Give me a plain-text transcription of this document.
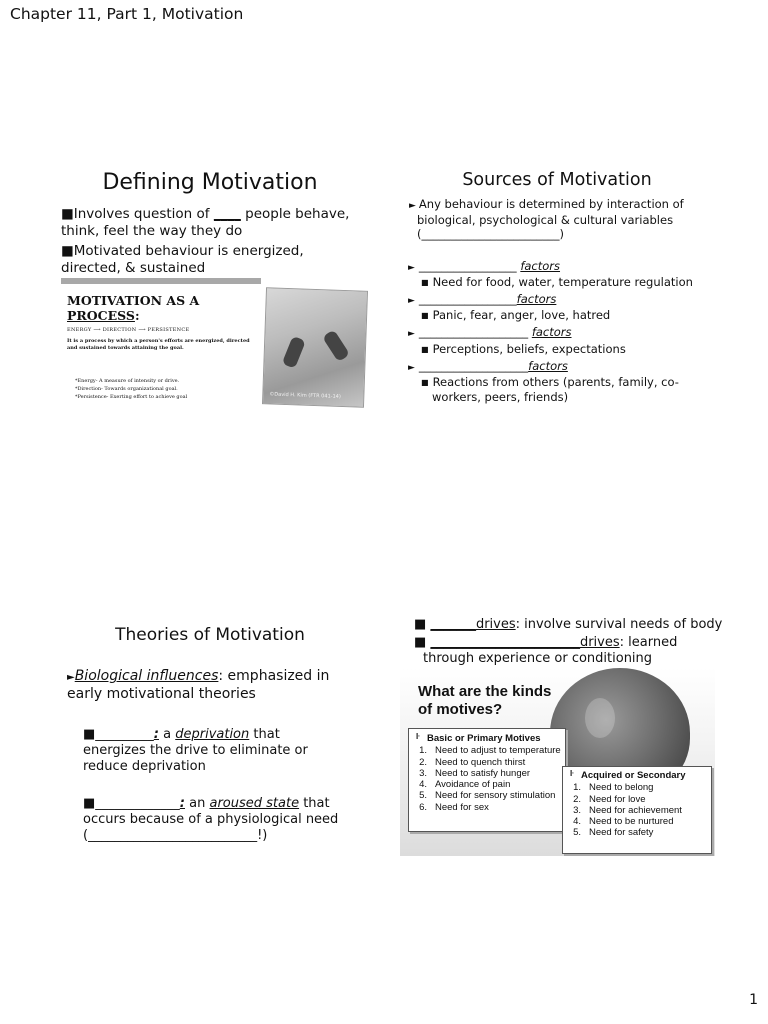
Chapter 11, Part 1, Motivation
1
Defining Motivation
■Involves question of ____ people behave, think, feel the way they do
■Motivated behaviour is energized, directed, & sustained
MOTIVATION AS A
PROCESS:
ENERGY ⟶ DIRECTION ⟶ PERSISTENCE
It is a process by which a person's efforts are energized, directed and sustained towards attaining the goal.
*Energy- A measure of intensity or drive.
*Direction- Towards organizational goal.
*Persistence- Exerting effort to achieve goal	©David H. Kim (FTR 041-14)
Sources of Motivation
► Any behaviour is determined by interaction of
biological, psychological & cultural variables
(________________________)
► _________________ factors
■ Need for food, water, temperature regulation
► _________________factors
■ Panic, fear, anger, love, hatred
► ___________________ factors
■ Perceptions, beliefs, expectations
► ___________________factors
■ Reactions from others (parents, family, co-
workers, peers, friends)
Theories of Motivation
►Biological influences: emphasized in early motivational theories
■_________: a deprivation that energizes the drive to eliminate or reduce deprivation
■_____________: an aroused state that occurs because of a physiological need
(__________________________!)
■ _______drives: involve survival needs of body
■ _______________________drives: learned
through experience or conditioning
What are the kinds
of motives?
ŀ Basic or Primary Motives
1. Need to adjust to temperature
2. Need to quench thirst
3. Need to satisfy hunger
4. Avoidance of pain
5. Need for sensory stimulation
6. Need for sex
ŀ Acquired or Secondary
1. Need to belong
2. Need for love
3. Need for achievement
4. Need to be nurtured
5. Need for safety
